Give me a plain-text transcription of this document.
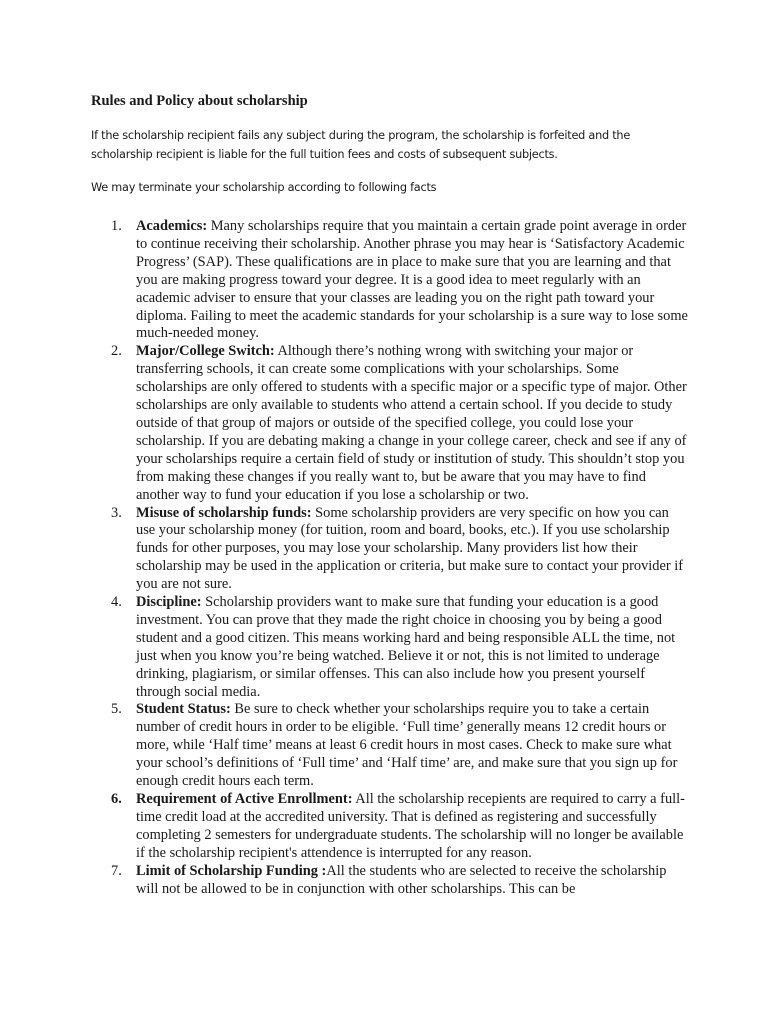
Rules and Policy about scholarship

If the scholarship recipient fails any subject during the program, the scholarship is forfeited and the scholarship recipient is liable for the full tuition fees and costs of subsequent subjects.

We may terminate your scholarship according to following facts

1. Academics: Many scholarships require that you maintain a certain grade point average in order to continue receiving their scholarship. Another phrase you may hear is ‘Satisfactory Academic Progress’ (SAP). These qualifications are in place to make sure that you are learning and that you are making progress toward your degree. It is a good idea to meet regularly with an academic adviser to ensure that your classes are leading you on the right path toward your diploma. Failing to meet the academic standards for your scholarship is a sure way to lose some much-needed money.
2. Major/College Switch: Although there’s nothing wrong with switching your major or transferring schools, it can create some complications with your scholarships. Some scholarships are only offered to students with a specific major or a specific type of major. Other scholarships are only available to students who attend a certain school. If you decide to study outside of that group of majors or outside of the specified college, you could lose your scholarship. If you are debating making a change in your college career, check and see if any of your scholarships require a certain field of study or institution of study. This shouldn’t stop you from making these changes if you really want to, but be aware that you may have to find another way to fund your education if you lose a scholarship or two.
3. Misuse of scholarship funds: Some scholarship providers are very specific on how you can use your scholarship money (for tuition, room and board, books, etc.). If you use scholarship funds for other purposes, you may lose your scholarship. Many providers list how their scholarship may be used in the application or criteria, but make sure to contact your provider if you are not sure.
4. Discipline: Scholarship providers want to make sure that funding your education is a good investment. You can prove that they made the right choice in choosing you by being a good student and a good citizen. This means working hard and being responsible ALL the time, not just when you know you’re being watched. Believe it or not, this is not limited to underage drinking, plagiarism, or similar offenses. This can also include how you present yourself through social media.
5. Student Status: Be sure to check whether your scholarships require you to take a certain number of credit hours in order to be eligible. ‘Full time’ generally means 12 credit hours or more, while ‘Half time’ means at least 6 credit hours in most cases. Check to make sure what your school’s definitions of ‘Full time’ and ‘Half time’ are, and make sure that you sign up for enough credit hours each term.
6. Requirement of Active Enrollment: All the scholarship recepients are required to carry a full- time credit load at the accredited university. That is defined as registering and successfully completing 2 semesters for undergraduate students. The scholarship will no longer be available if the scholarship recipient's attendence is interrupted for any reason.
7. Limit of Scholarship Funding :All the students who are selected to receive the scholarship will not be allowed to be in conjunction with other scholarships. This can be
